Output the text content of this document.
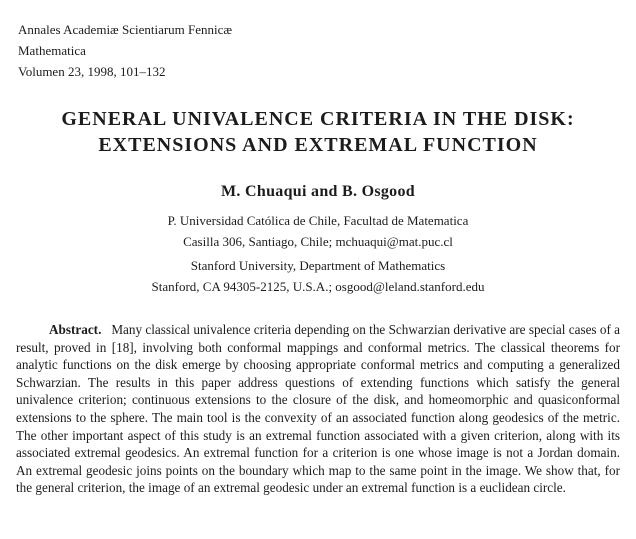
Annales Academiæ Scientiarum Fennicæ
Mathematica
Volumen 23, 1998, 101–132
GENERAL UNIVALENCE CRITERIA IN THE DISK:
EXTENSIONS AND EXTREMAL FUNCTION
M. Chuaqui and B. Osgood
P. Universidad Católica de Chile, Facultad de Matematica
Casilla 306, Santiago, Chile; mchuaqui@mat.puc.cl
Stanford University, Department of Mathematics
Stanford, CA 94305-2125, U.S.A.; osgood@leland.stanford.edu
Abstract. Many classical univalence criteria depending on the Schwarzian derivative are special cases of a result, proved in [18], involving both conformal mappings and conformal metrics. The classical theorems for analytic functions on the disk emerge by choosing appropriate conformal metrics and computing a generalized Schwarzian. The results in this paper address questions of extending functions which satisfy the general univalence criterion; continuous extensions to the closure of the disk, and homeomorphic and quasiconformal extensions to the sphere. The main tool is the convexity of an associated function along geodesics of the metric. The other important aspect of this study is an extremal function associated with a given criterion, along with its associated extremal geodesics. An extremal function for a criterion is one whose image is not a Jordan domain. An extremal geodesic joins points on the boundary which map to the same point in the image. We show that, for the general criterion, the image of an extremal geodesic under an extremal function is a euclidean circle.
